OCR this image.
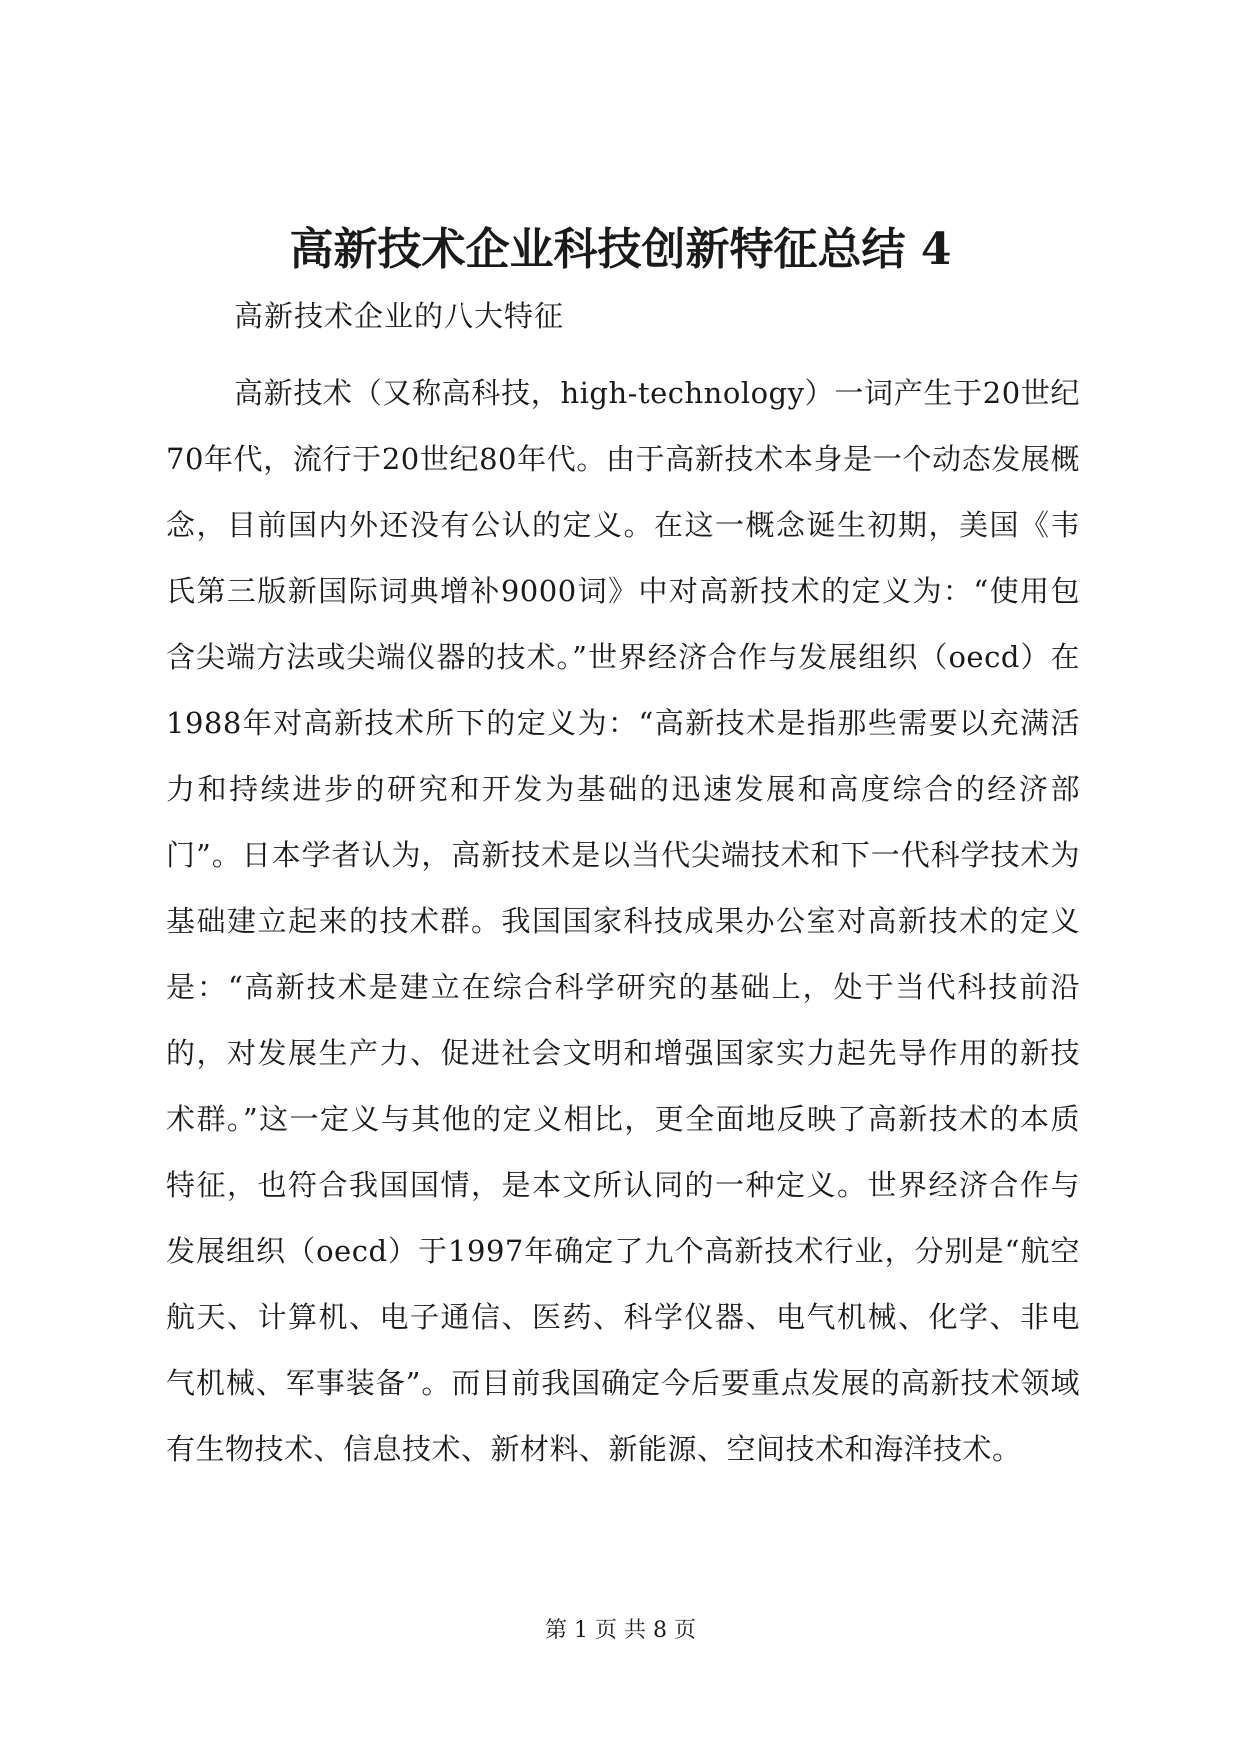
高新技术企业科技创新特征总结 4

高新技术企业的八大特征

高新技术（又称高科技，high-technology）一词产生于20世纪70年代，流行于20世纪80年代。由于高新技术本身是一个动态发展概念，目前国内外还没有公认的定义。在这一概念诞生初期，美国《韦氏第三版新国际词典增补9000词》中对高新技术的定义为：“使用包含尖端方法或尖端仪器的技术。”世界经济合作与发展组织（oecd）在1988年对高新技术所下的定义为：“高新技术是指那些需要以充满活力和持续进步的研究和开发为基础的迅速发展和高度综合的经济部门”。日本学者认为，高新技术是以当代尖端技术和下一代科学技术为基础建立起来的技术群。我国国家科技成果办公室对高新技术的定义是：“高新技术是建立在综合科学研究的基础上，处于当代科技前沿的，对发展生产力、促进社会文明和增强国家实力起先导作用的新技术群。”这一定义与其他的定义相比，更全面地反映了高新技术的本质特征，也符合我国国情，是本文所认同的一种定义。世界经济合作与发展组织（oecd）于1997年确定了九个高新技术行业，分别是“航空航天、计算机、电子通信、医药、科学仪器、电气机械、化学、非电气机械、军事装备”。而目前我国确定今后要重点发展的高新技术领域有生物技术、信息技术、新材料、新能源、空间技术和海洋技术。

第 1 页 共 8 页
